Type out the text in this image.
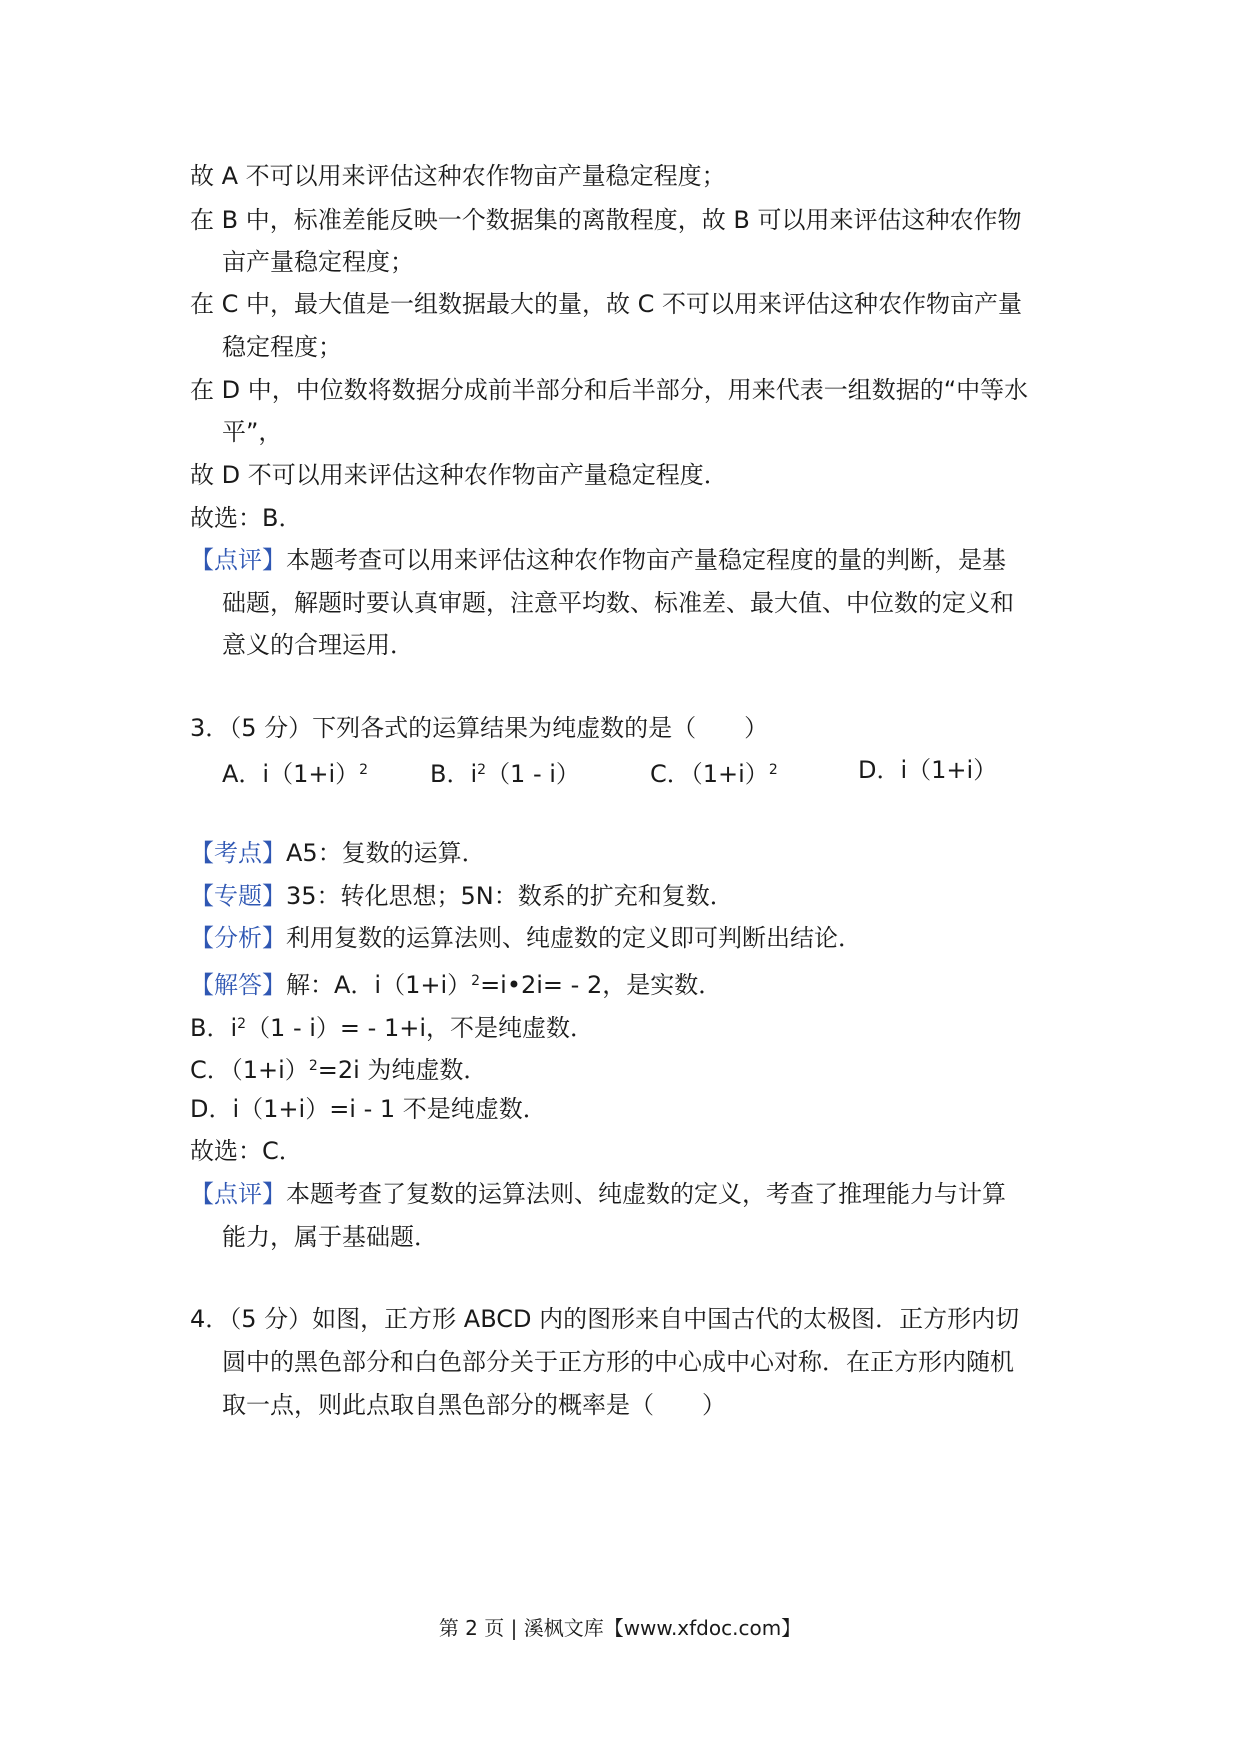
故 A 不可以用来评估这种农作物亩产量稳定程度；
在 B 中，标准差能反映一个数据集的离散程度，故 B 可以用来评估这种农作物
亩产量稳定程度；
在 C 中，最大值是一组数据最大的量，故 C 不可以用来评估这种农作物亩产量
稳定程度；
在 D 中，中位数将数据分成前半部分和后半部分，用来代表一组数据的“中等水
平”，
故 D 不可以用来评估这种农作物亩产量稳定程度．
故选：B．
【点评】本题考查可以用来评估这种农作物亩产量稳定程度的量的判断，是基
础题，解题时要认真审题，注意平均数、标准差、最大值、中位数的定义和
意义的合理运用．
3．（5 分）下列各式的运算结果为纯虚数的是（　　）
A．$i(1+i)^2$	B．$i^2(1 - i)$	C．$(1+i)^2$	D．i（1+i）
【考点】A5：复数的运算．
【专题】35：转化思想；5N：数系的扩充和复数．
【分析】利用复数的运算法则、纯虚数的定义即可判断出结论．
【解答】解：A．$i(1+i)^2=i•2i= - 2$，是实数．
B．$i^2(1 - i)= - 1+i$，不是纯虚数．
C．$(1+i)^2=2i$ 为纯虚数．
D．i（1+i）=i - 1 不是纯虚数．
故选：C．
【点评】本题考查了复数的运算法则、纯虚数的定义，考查了推理能力与计算
能力，属于基础题．
4．（5 分）如图，正方形 ABCD 内的图形来自中国古代的太极图．正方形内切
圆中的黑色部分和白色部分关于正方形的中心成中心对称．在正方形内随机
取一点，则此点取自黑色部分的概率是（　　）
第 2 页 | 溪枫文库【www.xfdoc.com】
